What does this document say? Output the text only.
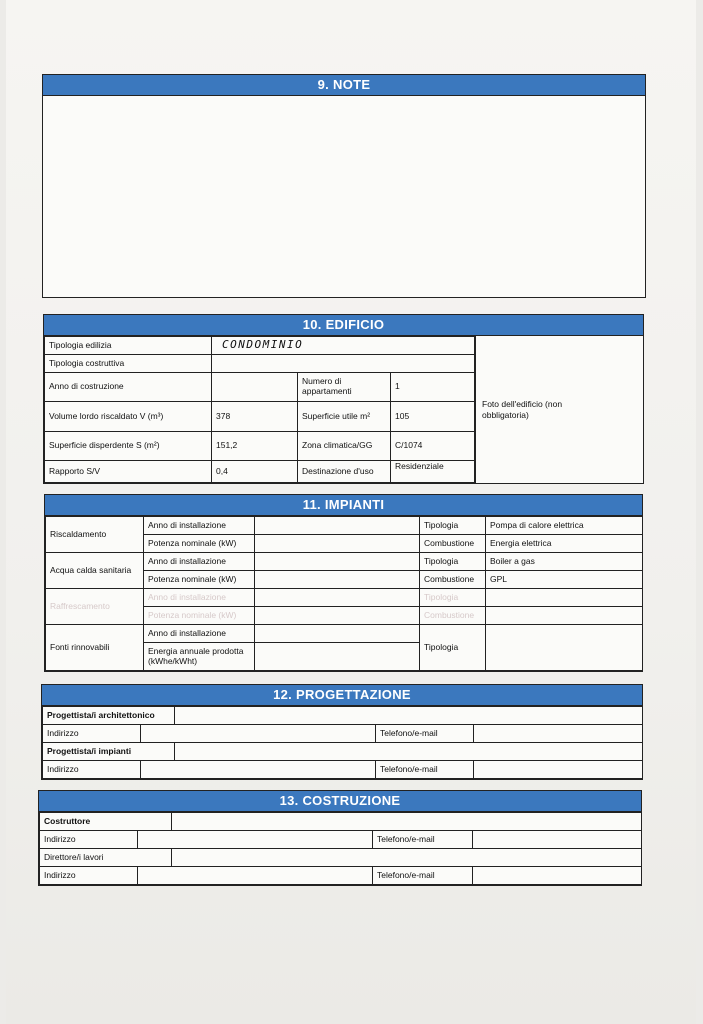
9. NOTE
10. EDIFICIO
Tipologia edilizia	CONDOMINIO		
Tipologia costruttiva			
Anno di costruzione		Numero di appartamenti	1
Volume lordo riscaldato V (m³)	378	Superficie utile m²	105
Superficie disperdente S (m²)	151,2	Zona climatica/GG	C/1074
Rapporto S/V	0,4	Destinazione d'uso	Residenziale
Foto dell'edificio (non obbligatoria)
11. IMPIANTI
Riscaldamento	Anno di installazione		Tipologia	Pompa di calore elettrica
	Potenza nominale (kW)		Combustione	Energia elettrica
Acqua calda sanitaria	Anno di installazione		Tipologia	Boiler a gas
	Potenza nominale (kW)		Combustione	GPL
Raffrescamento	Anno di installazione		Tipologia	
	Potenza nominale (kW)		Combustione	
Fonti rinnovabili	Anno di installazione		Tipologia	
	Energia annuale prodotta (kWhe/kWht)			
12. PROGETTAZIONE
Progettista/i architettonico				
Indirizzo			Telefono/e-mail	
Progettista/i impianti				
Indirizzo			Telefono/e-mail	
13. COSTRUZIONE
Costruttore				
Indirizzo			Telefono/e-mail	
Direttore/i lavori				
Indirizzo			Telefono/e-mail	
